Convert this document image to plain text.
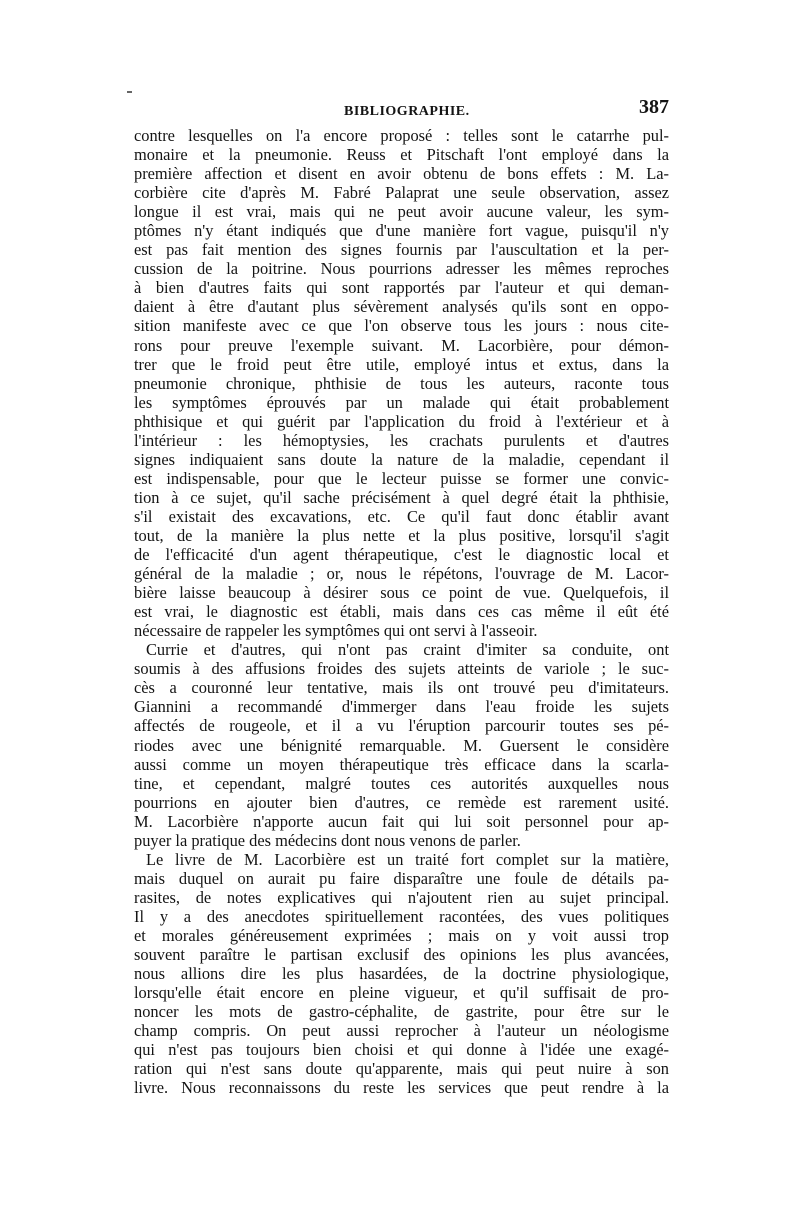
BIBLIOGRAPHIE.	387
contre lesquelles on l'a encore proposé : telles sont le catarrhe pul-
monaire et la pneumonie. Reuss et Pitschaft l'ont employé dans la
première affection et disent en avoir obtenu de bons effets : M. La-
corbière cite d'après M. Fabré Palaprat une seule observation, assez
longue il est vrai, mais qui ne peut avoir aucune valeur, les sym-
ptômes n'y étant indiqués que d'une manière fort vague, puisqu'il n'y
est pas fait mention des signes fournis par l'auscultation et la per-
cussion de la poitrine. Nous pourrions adresser les mêmes reproches
à bien d'autres faits qui sont rapportés par l'auteur et qui deman-
daient à être d'autant plus sévèrement analysés qu'ils sont en oppo-
sition manifeste avec ce que l'on observe tous les jours : nous cite-
rons pour preuve l'exemple suivant. M. Lacorbière, pour démon-
trer que le froid peut être utile, employé intus et extus, dans la
pneumonie chronique, phthisie de tous les auteurs, raconte tous
les symptômes éprouvés par un malade qui était probablement
phthisique et qui guérit par l'application du froid à l'extérieur et à
l'intérieur : les hémoptysies, les crachats purulents et d'autres
signes indiquaient sans doute la nature de la maladie, cependant il
est indispensable, pour que le lecteur puisse se former une convic-
tion à ce sujet, qu'il sache précisément à quel degré était la phthisie,
s'il existait des excavations, etc. Ce qu'il faut donc établir avant
tout, de la manière la plus nette et la plus positive, lorsqu'il s'agit
de l'efficacité d'un agent thérapeutique, c'est le diagnostic local et
général de la maladie ; or, nous le répétons, l'ouvrage de M. Lacor-
bière laisse beaucoup à désirer sous ce point de vue. Quelquefois, il
est vrai, le diagnostic est établi, mais dans ces cas même il eût été
nécessaire de rappeler les symptômes qui ont servi à l'asseoir.
Currie et d'autres, qui n'ont pas craint d'imiter sa conduite, ont
soumis à des affusions froides des sujets atteints de variole ; le suc-
cès a couronné leur tentative, mais ils ont trouvé peu d'imitateurs.
Giannini a recommandé d'immerger dans l'eau froide les sujets
affectés de rougeole, et il a vu l'éruption parcourir toutes ses pé-
riodes avec une bénignité remarquable. M. Guersent le considère
aussi comme un moyen thérapeutique très efficace dans la scarla-
tine, et cependant, malgré toutes ces autorités auxquelles nous
pourrions en ajouter bien d'autres, ce remède est rarement usité.
M. Lacorbière n'apporte aucun fait qui lui soit personnel pour ap-
puyer la pratique des médecins dont nous venons de parler.
Le livre de M. Lacorbière est un traité fort complet sur la matière,
mais duquel on aurait pu faire disparaître une foule de détails pa-
rasites, de notes explicatives qui n'ajoutent rien au sujet principal.
Il y a des anecdotes spirituellement racontées, des vues politiques
et morales généreusement exprimées ; mais on y voit aussi trop
souvent paraître le partisan exclusif des opinions les plus avancées,
nous allions dire les plus hasardées, de la doctrine physiologique,
lorsqu'elle était encore en pleine vigueur, et qu'il suffisait de pro-
noncer les mots de gastro-céphalite, de gastrite, pour être sur le
champ compris. On peut aussi reprocher à l'auteur un néologisme
qui n'est pas toujours bien choisi et qui donne à l'idée une exagé-
ration qui n'est sans doute qu'apparente, mais qui peut nuire à son
livre. Nous reconnaissons du reste les services que peut rendre à la
